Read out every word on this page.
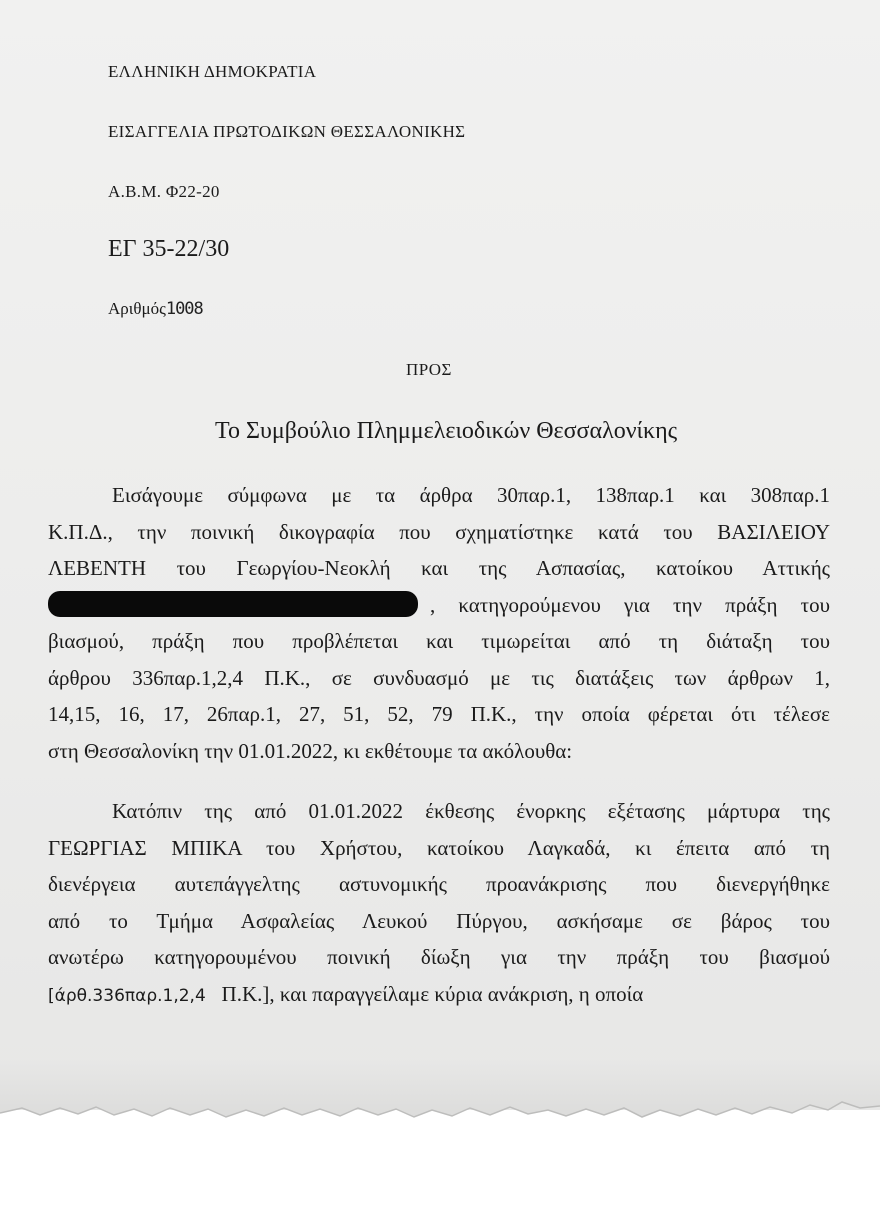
ΕΛΛΗΝΙΚΗ ΔΗΜΟΚΡΑΤΙΑ
ΕΙΣΑΓΓΕΛΙΑ ΠΡΩΤΟΔΙΚΩΝ ΘΕΣΣΑΛΟΝΙΚΗΣ
Α.Β.Μ. Φ22-20
ΕΓ 35-22/30
Αριθμός1008
ΠΡΟΣ
Το Συμβούλιο Πλημμελειοδικών Θεσσαλονίκης
Εισάγουμε σύμφωνα με τα άρθρα 30παρ.1, 138παρ.1 και 308παρ.1
Κ.Π.Δ., την ποινική δικογραφία που σχηματίστηκε κατά του ΒΑΣΙΛΕΙΟΥ
ΛΕΒΕΝΤΗ του Γεωργίου-Νεοκλή και της Ασπασίας, κατοίκου Αττικής
, κατηγορούμενου για την πράξη του
βιασμού, πράξη που προβλέπεται και τιμωρείται από τη διάταξη του
άρθρου 336παρ.1,2,4 Π.Κ., σε συνδυασμό με τις διατάξεις των άρθρων 1,
14,15, 16, 17, 26παρ.1, 27, 51, 52, 79 Π.Κ., την οποία φέρεται ότι τέλεσε
στη Θεσσαλονίκη την 01.01.2022, κι εκθέτουμε τα ακόλουθα:
Κατόπιν της από 01.01.2022 έκθεσης ένορκης εξέτασης μάρτυρα της
ΓΕΩΡΓΙΑΣ ΜΠΙΚΑ του Χρήστου, κατοίκου Λαγκαδά, κι έπειτα από τη
διενέργεια αυτεπάγγελτης αστυνομικής προανάκρισης που διενεργήθηκε
από το Τμήμα Ασφαλείας Λευκού Πύργου, ασκήσαμε σε βάρος του
ανωτέρω κατηγορουμένου ποινική δίωξη για την πράξη του βιασμού
[άρθ.336παρ.1,2,4 Π.Κ.], και παραγγείλαμε κύρια ανάκριση, η οποία
